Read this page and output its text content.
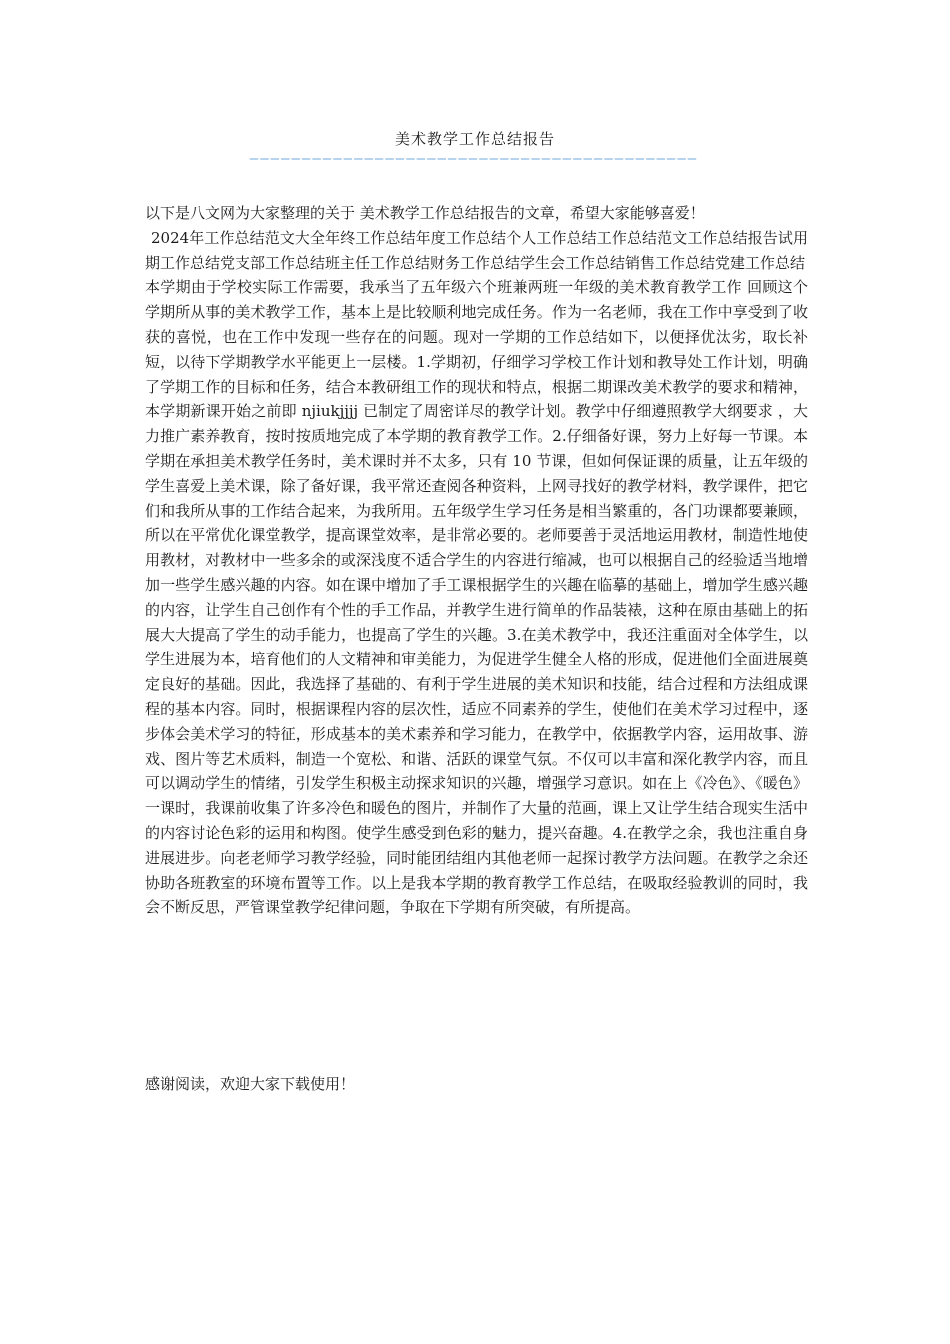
美术教学工作总结报告
———————————————————————————————————————————

以下是八文网为大家整理的关于 美术教学工作总结报告的文章，希望大家能够喜爱！

2024年工作总结范文大全年终工作总结年度工作总结个人工作总结工作总结范文工作总结报告试用期工作总结党支部工作总结班主任工作总结财务工作总结学生会工作总结销售工作总结党建工作总结

本学期由于学校实际工作需要，我承当了五年级六个班兼两班一年级的美术教育教学工作 回顾这个学期所从事的美术教学工作，基本上是比较顺利地完成任务。作为一名老师，我在工作中享受到了收获的喜悦，也在工作中发现一些存在的问题。现对一学期的工作总结如下，以便择优汰劣，取长补短，以待下学期教学水平能更上一层楼。1.学期初，仔细学习学校工作计划和教导处工作计划，明确了学期工作的目标和任务，结合本教研组工作的现状和特点，根据二期课改美术教学的要求和精神，本学期新课开始之前即 njiukjjjj 已制定了周密详尽的教学计划。教学中仔细遵照教学大纲要求 ，大力推广素养教育，按时按质地完成了本学期的教育教学工作。2.仔细备好课，努力上好每一节课。本学期在承担美术教学任务时，美术课时并不太多，只有 10 节课，但如何保证课的质量，让五年级的学生喜爱上美术课，除了备好课，我平常还查阅各种资料，上网寻找好的教学材料，教学课件，把它们和我所从事的工作结合起来，为我所用。五年级学生学习任务是相当繁重的，各门功课都要兼顾，所以在平常优化课堂教学，提高课堂效率，是非常必要的。老师要善于灵活地运用教材，制造性地使用教材，对教材中一些多余的或深浅度不适合学生的内容进行缩减，也可以根据自己的经验适当地增加一些学生感兴趣的内容。如在课中增加了手工课根据学生的兴趣在临摹的基础上，增加学生感兴趣的内容，让学生自己创作有个性的手工作品，并教学生进行简单的作品装裱，这种在原由基础上的拓展大大提高了学生的动手能力，也提高了学生的兴趣。3.在美术教学中，我还注重面对全体学生，以学生进展为本，培育他们的人文精神和审美能力，为促进学生健全人格的形成，促进他们全面进展奠定良好的基础。因此，我选择了基础的、有利于学生进展的美术知识和技能，结合过程和方法组成课程的基本内容。同时，根据课程内容的层次性，适应不同素养的学生，使他们在美术学习过程中，逐步体会美术学习的特征，形成基本的美术素养和学习能力，在教学中，依据教学内容，运用故事、游戏、图片等艺术质料，制造一个宽松、和谐、活跃的课堂气氛。不仅可以丰富和深化教学内容，而且可以调动学生的情绪，引发学生积极主动探求知识的兴趣，增强学习意识。如在上《冷色》、《暖色》一课时，我课前收集了许多冷色和暖色的图片，并制作了大量的范画，课上又让学生结合现实生活中的内容讨论色彩的运用和构图。使学生感受到色彩的魅力，提兴奋趣。4.在教学之余，我也注重自身进展进步。向老老师学习教学经验，同时能团结组内其他老师一起探讨教学方法问题。在教学之余还协助各班教室的环境布置等工作。以上是我本学期的教育教学工作总结，在吸取经验教训的同时，我会不断反思，严管课堂教学纪律问题，争取在下学期有所突破，有所提高。

感谢阅读，欢迎大家下载使用！
